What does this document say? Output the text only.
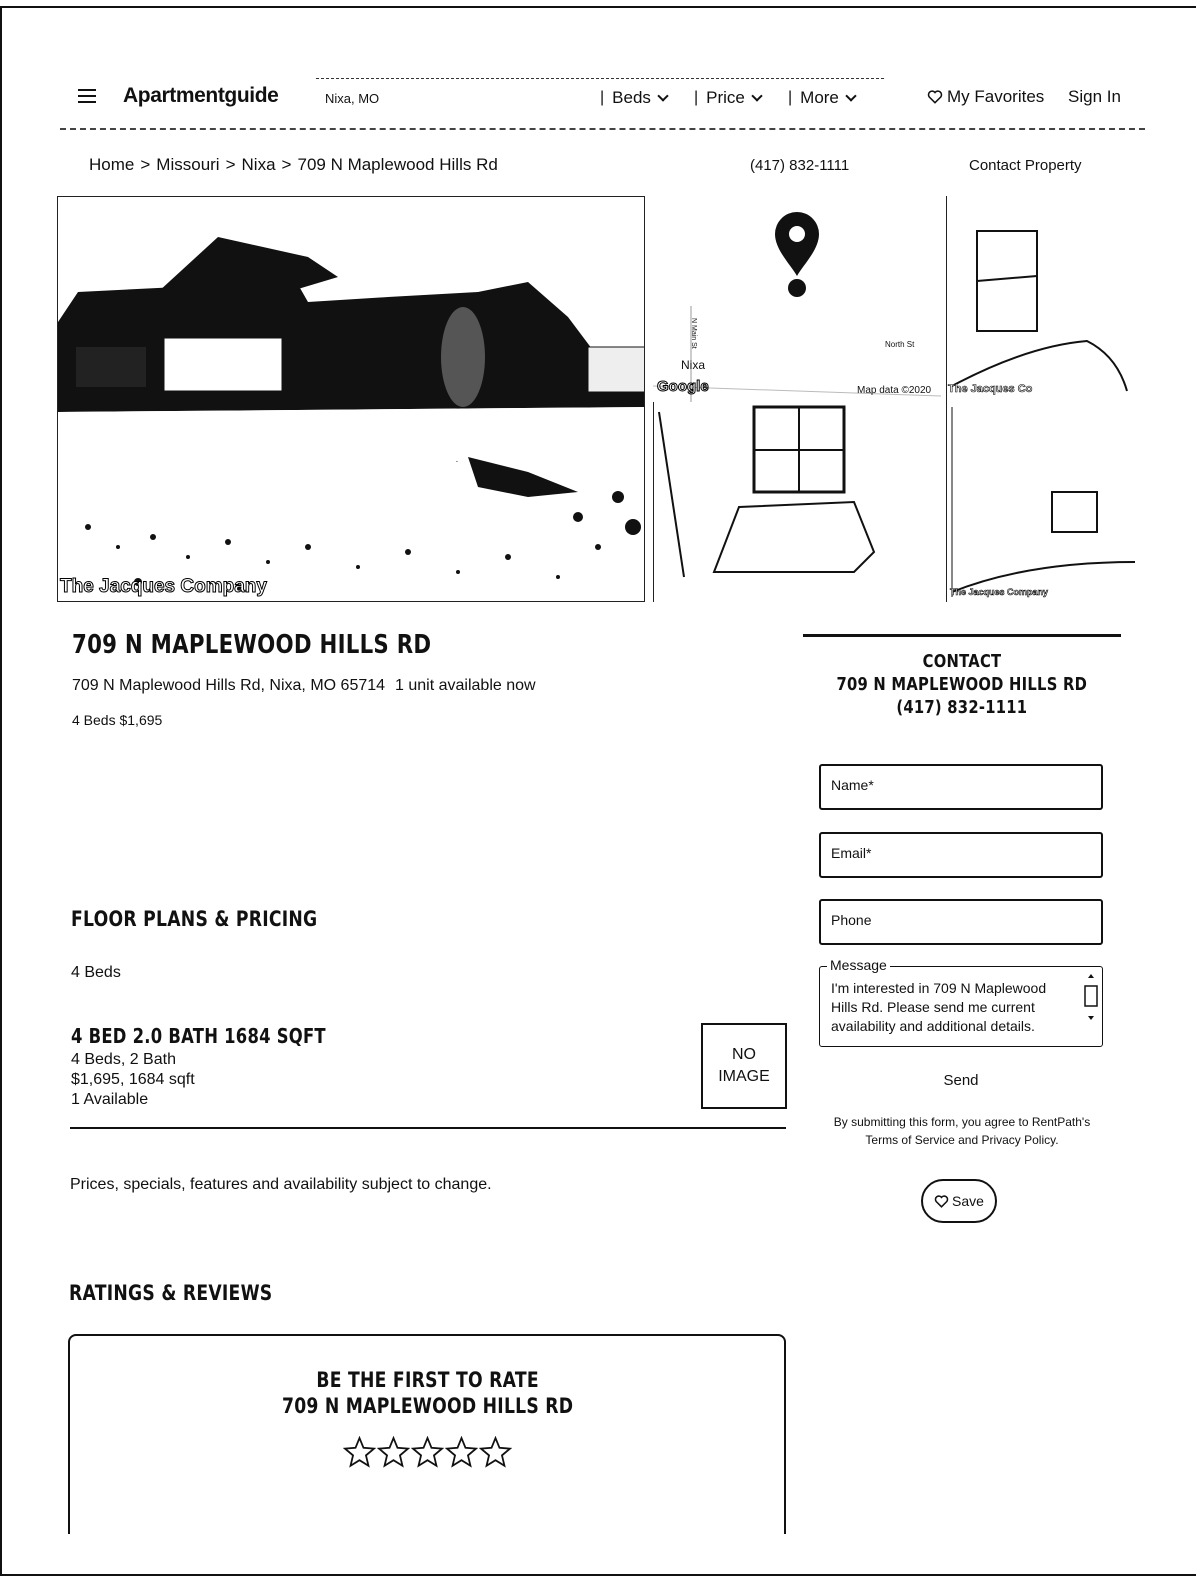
Apartmentguide	Nixa, MO	| Beds	| Price	| More	My Favorites Sign In
Home > Missouri > Nixa > 709 N Maplewood Hills Rd	(417) 832-1111	Contact Property
The Jacques Company
N Main St	North St
Nixa
Google	Map data ©2020 The Jacques Co
The Jacques Company
709 N MAPLEWOOD HILLS RD
709 N Maplewood Hills Rd, Nixa, MO 65714 1 unit available now
4 Beds $1,695
FLOOR PLANS & PRICING
4 Beds
4 BED 2.0 BATH 1684 SQFT
4 Beds, 2 Bath
$1,695, 1684 sqft
1 Available
NO
IMAGE
Prices, specials, features and availability subject to change.
RATINGS & REVIEWS
BE THE FIRST TO RATE
709 N MAPLEWOOD HILLS RD
CONTACT
709 N MAPLEWOOD HILLS RD
(417) 832-1111
Name*
Email*
Phone
Message
I'm interested in 709 N Maplewood Hills Rd. Please send me current availability and additional details.
Send
By submitting this form, you agree to RentPath's
Terms of Service and Privacy Policy.
Save
